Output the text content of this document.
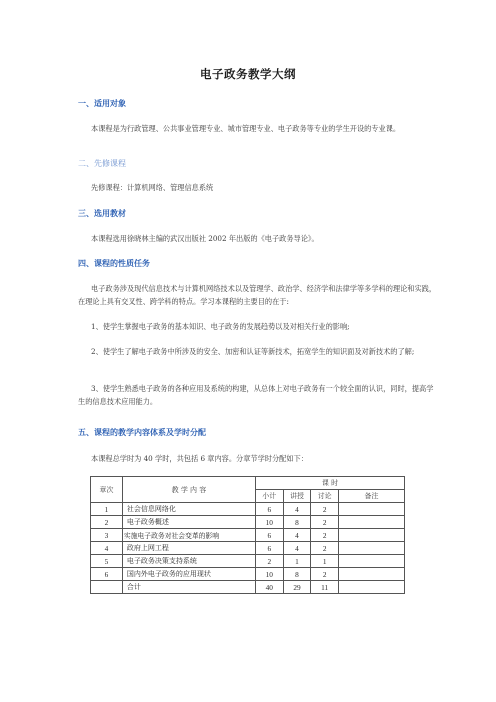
电子政务教学大纲
一、适用对象
本课程是为行政管理、公共事业管理专业、城市管理专业、电子政务等专业的学生开设的专业课。
二、先修课程
先修课程：计算机网络、管理信息系统
三、选用教材
本课程选用徐晓林主编的武汉出版社 2002 年出版的《电子政务导论》。
四、课程的性质任务
电子政务涉及现代信息技术与计算机网络技术以及管理学、政治学、经济学和法律学等多学科的理论和实践，在理论上具有交叉性、跨学科的特点。学习本课程的主要目的在于:
1、使学生掌握电子政务的基本知识、电子政务的发展趋势以及对相关行业的影响;
2、使学生了解电子政务中所涉及的安全、加密和认证等新技术，拓宽学生的知识面及对新技术的了解;
3、使学生熟悉电子政务的各种应用及系统的构建，从总体上对电子政务有一个较全面的认识，同时，提高学生的信息技术应用能力。
五、课程的教学内容体系及学时分配
本课程总学时为 40 学时，共包括 6 章内容。分章节学时分配如下：
章次	教 学 内 容	课 时			
		小计	讲授	讨论	备注
1	社会信息网络化	6	4	2	
2	电子政务概述	10	8	2	
3	实施电子政务对社会变革的影响	6	4	2	
4	政府上网工程	6	4	2	
5	电子政务决策支持系统	2	1	1	
6	国内外电子政务的应用现状	10	8	2	
	合计	40	29	11	
